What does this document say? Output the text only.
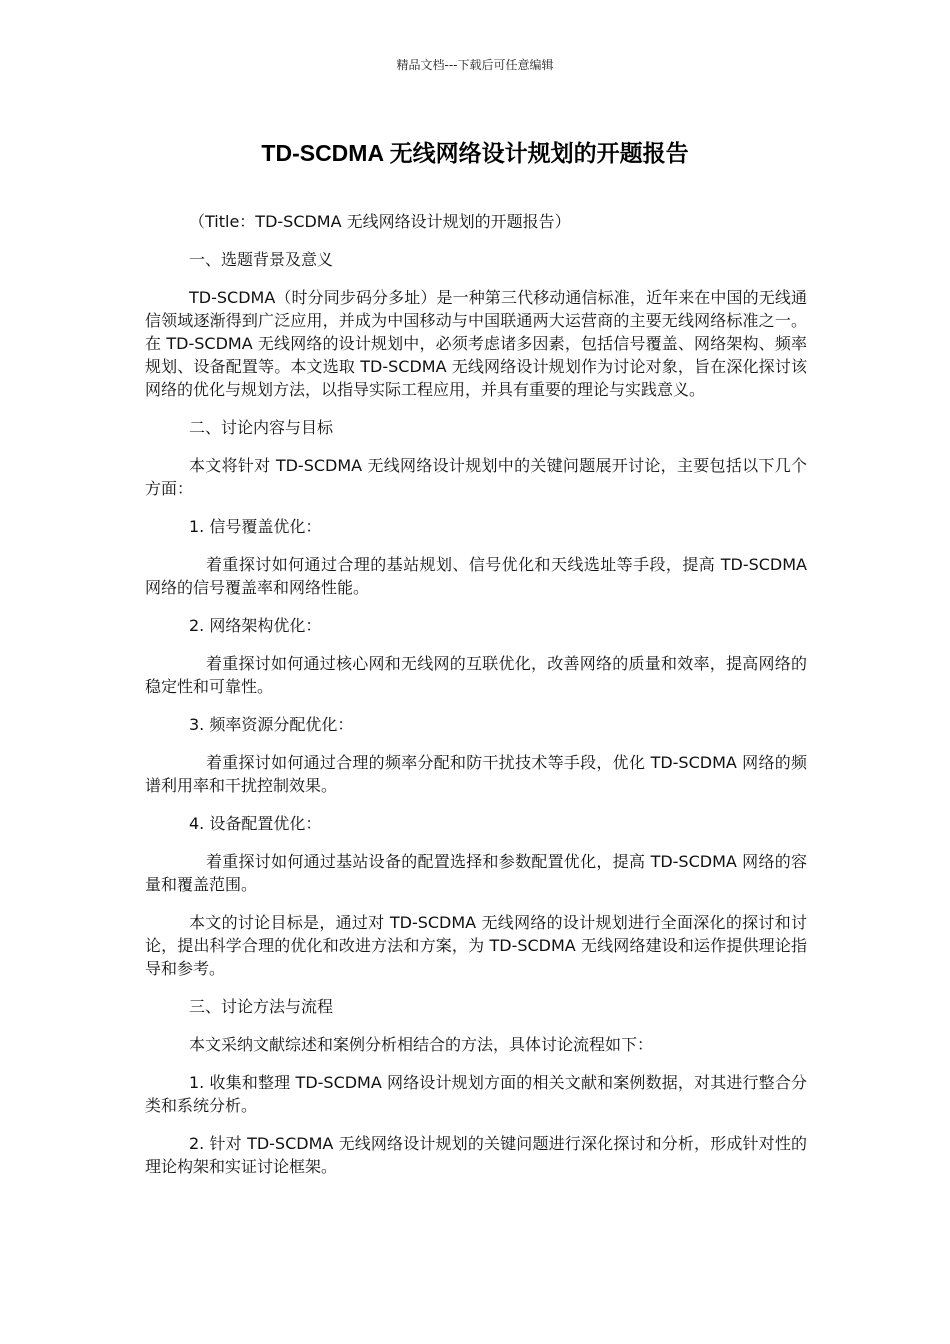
精品文档---下载后可任意编辑
TD-SCDMA 无线网络设计规划的开题报告

（Title：TD-SCDMA 无线网络设计规划的开题报告）

一、选题背景及意义

TD-SCDMA（时分同步码分多址）是一种第三代移动通信标准，近年来在中国的无线通信领域逐渐得到广泛应用，并成为中国移动与中国联通两大运营商的主要无线网络标准之一。在 TD-SCDMA 无线网络的设计规划中，必须考虑诸多因素，包括信号覆盖、网络架构、频率规划、设备配置等。本文选取 TD-SCDMA 无线网络设计规划作为讨论对象，旨在深化探讨该网络的优化与规划方法，以指导实际工程应用，并具有重要的理论与实践意义。

二、讨论内容与目标

本文将针对 TD-SCDMA 无线网络设计规划中的关键问题展开讨论，主要包括以下几个方面：

1. 信号覆盖优化：

着重探讨如何通过合理的基站规划、信号优化和天线选址等手段，提高 TD-SCDMA 网络的信号覆盖率和网络性能。

2. 网络架构优化：

着重探讨如何通过核心网和无线网的互联优化，改善网络的质量和效率，提高网络的稳定性和可靠性。

3. 频率资源分配优化：

着重探讨如何通过合理的频率分配和防干扰技术等手段，优化 TD-SCDMA 网络的频谱利用率和干扰控制效果。

4. 设备配置优化：

着重探讨如何通过基站设备的配置选择和参数配置优化，提高 TD-SCDMA 网络的容量和覆盖范围。

本文的讨论目标是，通过对 TD-SCDMA 无线网络的设计规划进行全面深化的探讨和讨论，提出科学合理的优化和改进方法和方案，为 TD-SCDMA 无线网络建设和运作提供理论指导和参考。

三、讨论方法与流程

本文采纳文献综述和案例分析相结合的方法，具体讨论流程如下：

1. 收集和整理 TD-SCDMA 网络设计规划方面的相关文献和案例数据，对其进行整合分类和系统分析。

2. 针对 TD-SCDMA 无线网络设计规划的关键问题进行深化探讨和分析，形成针对性的理论构架和实证讨论框架。
